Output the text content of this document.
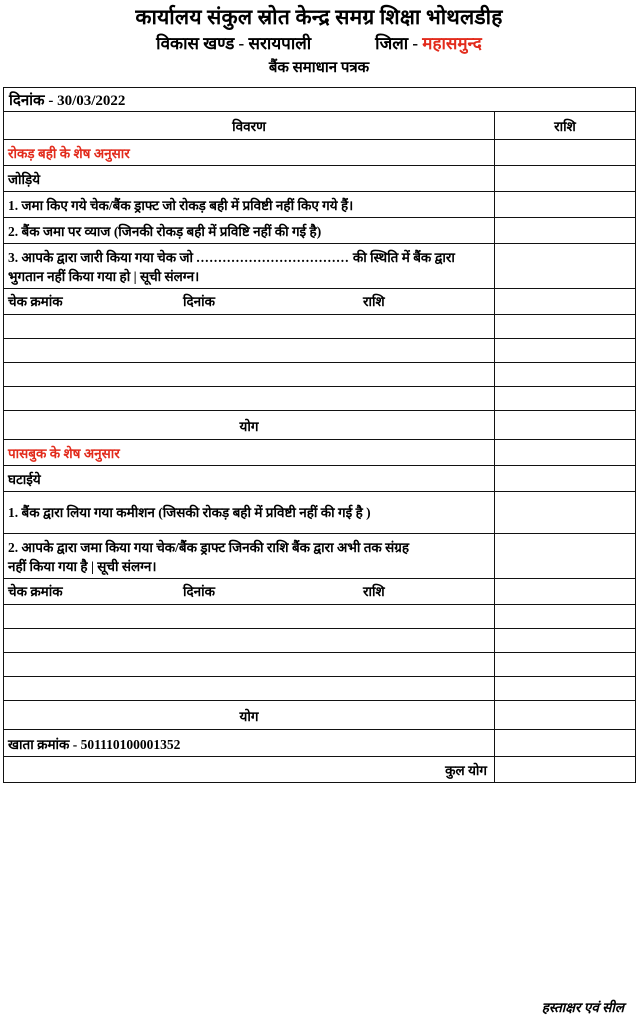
कार्यालय संकुल स्रोत केन्द्र समग्र शिक्षा भोथलडीह
विकास खण्ड - सरायपाली	जिला - महासमुन्द
बैंक समाधान पत्रक
दिनांक - 30/03/2022	

विवरण	राशि

रोकड़ बही के शेष अनुसार	

जोड़िये	

1. जमा किए गये चेक/बैंक ड्राफ्ट जो रोकड़ बही में प्रविष्टी नहीं किए गये हैं।	

2. बैंक जमा पर व्याज (जिनकी रोकड़ बही में प्रविष्टि नहीं की गई है)	

3. आपके द्वारा जारी किया गया चेक जो ................................... की स्थिति में बैंक द्वारा
भुगतान नहीं किया गया हो | सूची संलग्न।	

चेक क्रमांक दिनांक राशि	

योग	

पासबुक के शेष अनुसार	

घटाईये	

1. बैंक द्वारा लिया गया कमीशन (जिसकी रोकड़ बही में प्रविष्टी नहीं की गई है )	

2. आपके द्वारा जमा किया गया चेक/बैंक ड्राफ्ट जिनकी राशि बैंक द्वारा अभी तक संग्रह
नहीं किया गया है | सूची संलग्न।	

चेक क्रमांक दिनांक राशि	

योग	

खाता क्रमांक - 501110100001352	

कुल योग	

हस्ताक्षर एवं सील
